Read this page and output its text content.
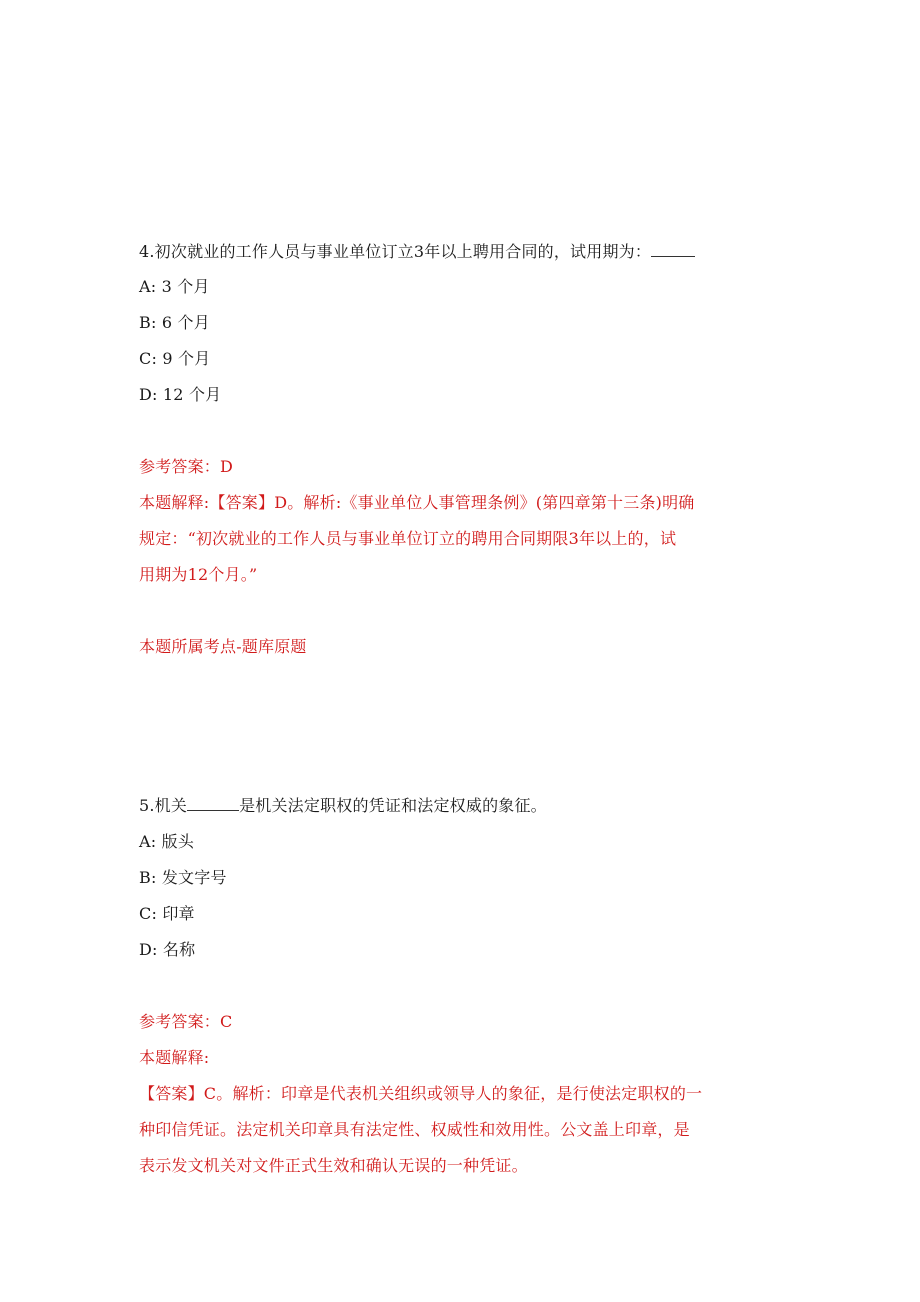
4.初次就业的工作人员与事业单位订立3年以上聘用合同的，试用期为：
A: 3 个月
B: 6 个月
C: 9 个月
D: 12 个月
参考答案：D
本题解释:【答案】D。解析:《事业单位人事管理条例》(第四章第十三条)明确
规定：“初次就业的工作人员与事业单位订立的聘用合同期限3年以上的，试
用期为12个月。”
本题所属考点-题库原题
5.机关	是机关法定职权的凭证和法定权威的象征。
A: 版头
B: 发文字号
C: 印章
D: 名称
参考答案：C
本题解释:
【答案】C。解析：印章是代表机关组织或领导人的象征，是行使法定职权的一
种印信凭证。法定机关印章具有法定性、权威性和效用性。公文盖上印章，是
表示发文机关对文件正式生效和确认无误的一种凭证。
